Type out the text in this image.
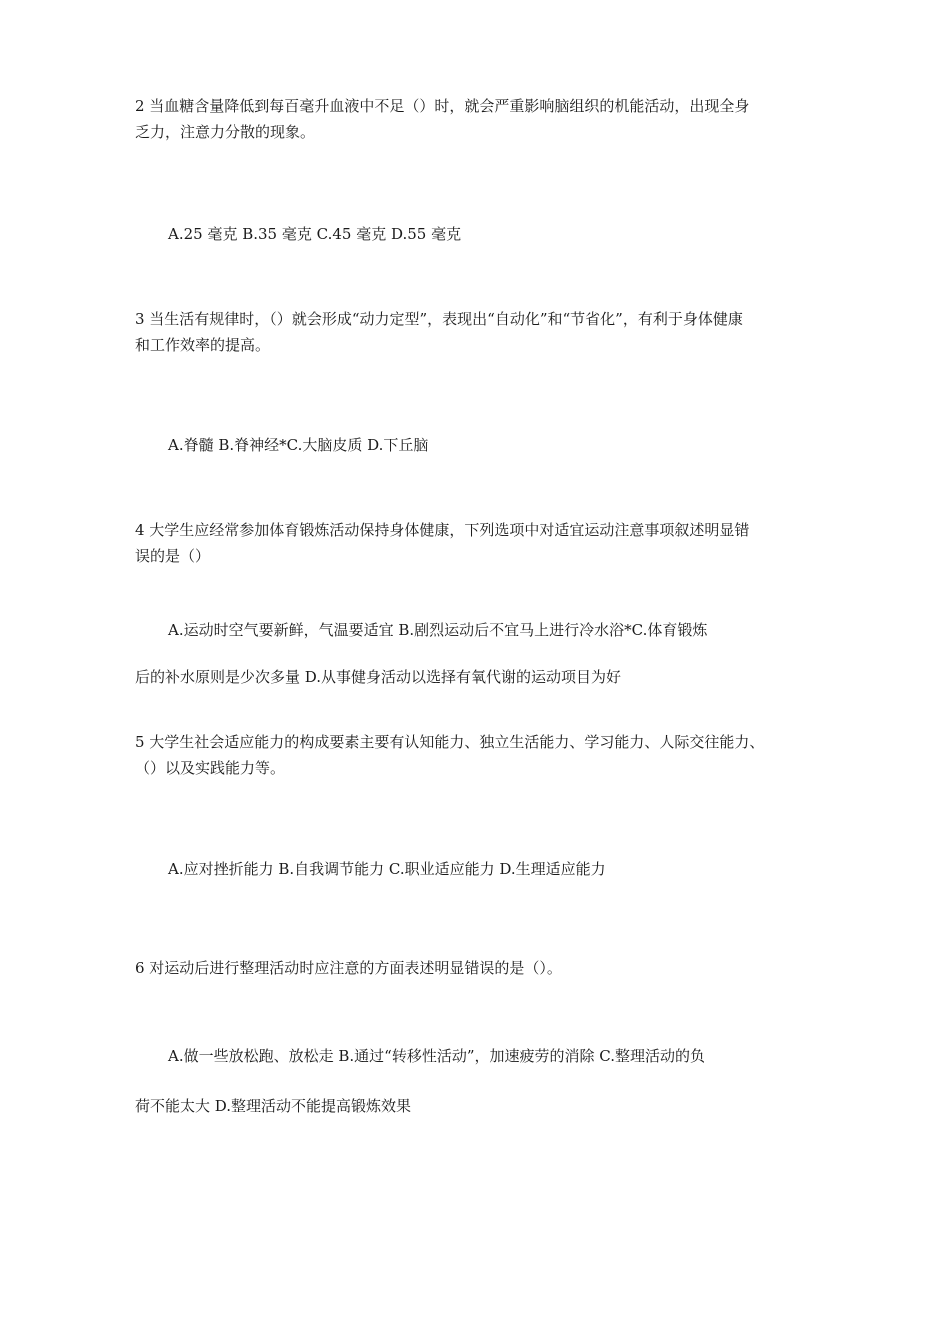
2 当血糖含量降低到每百毫升血液中不足（）时，就会严重影响脑组织的机能活动，出现全身
乏力，注意力分散的现象。
A.25 毫克 B.35 毫克 C.45 毫克 D.55 毫克
3 当生活有规律时，（）就会形成“动力定型”，表现出“自动化”和“节省化”，有利于身体健康
和工作效率的提高。
A.脊髓 B.脊神经*C.大脑皮质 D.下丘脑
4 大学生应经常参加体育锻炼活动保持身体健康，下列选项中对适宜运动注意事项叙述明显错
误的是（）
A.运动时空气要新鲜，气温要适宜 B.剧烈运动后不宜马上进行冷水浴*C.体育锻炼
后的补水原则是少次多量 D.从事健身活动以选择有氧代谢的运动项目为好
5 大学生社会适应能力的构成要素主要有认知能力、独立生活能力、学习能力、人际交往能力、
（）以及实践能力等。
A.应对挫折能力 B.自我调节能力 C.职业适应能力 D.生理适应能力
6 对运动后进行整理活动时应注意的方面表述明显错误的是（）。
A.做一些放松跑、放松走 B.通过“转移性活动”，加速疲劳的消除 C.整理活动的负
荷不能太大 D.整理活动不能提高锻炼效果
